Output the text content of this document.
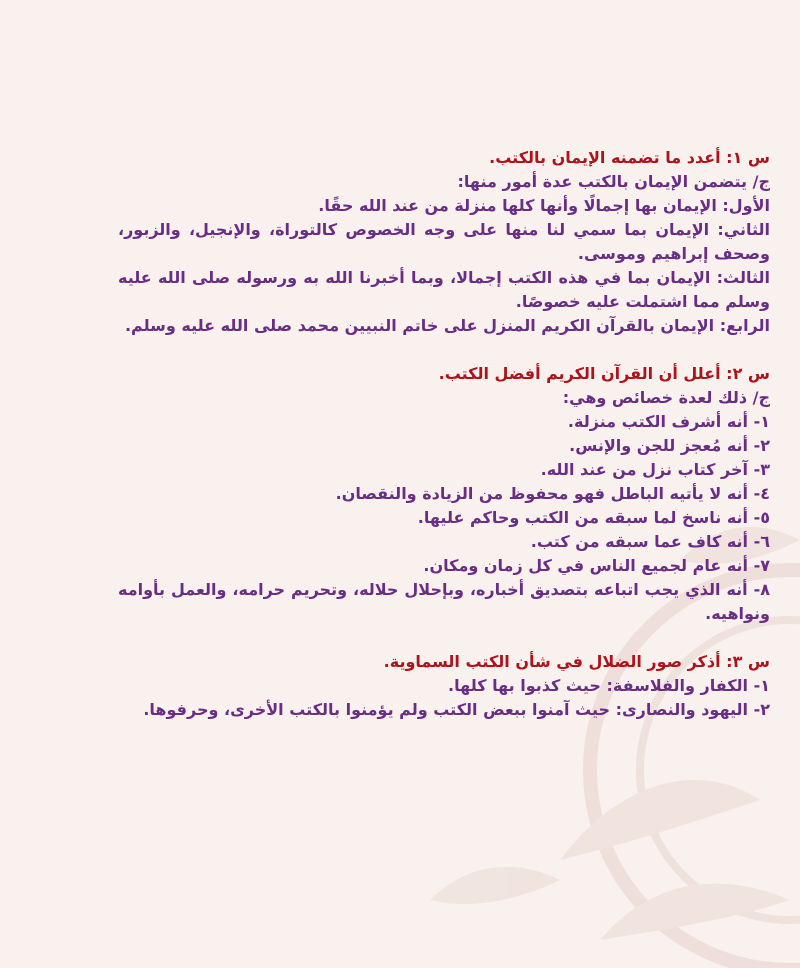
س ١: أعدد ما تضمنه الإيمان بالكتب.

ج/ يتضمن الإيمان بالكتب عدة أمور منها:

الأول: الإيمان بها إجمالًا وأنها كلها منزلة من عند الله حقًا.

الثاني: الإيمان بما سمي لنا منها على وجه الخصوص كالتوراة، والإنجيل، والزبور، وصحف إبراهيم وموسى.

الثالث: الإيمان بما في هذه الكتب إجمالا، وبما أخبرنا الله به ورسوله صلى الله عليه وسلم مما اشتملت عليه خصوصًا.

الرابع: الإيمان بالقرآن الكريم المنزل على خاتم النبيين محمد صلى الله عليه وسلم.

س ٢: أعلل أن القرآن الكريم أفضل الكتب.

ج/ ذلك لعدة خصائص وهي:

١- أنه أشرف الكتب منزلة.

٢- أنه مُعجز للجن والإنس.

٣- آخر كتاب نزل من عند الله.

٤- أنه لا يأتيه الباطل فهو محفوظ من الزيادة والنقصان.

٥- أنه ناسخ لما سبقه من الكتب وحاكم عليها.

٦- أنه كاف عما سبقه من كتب.

٧- أنه عام لجميع الناس في كل زمان ومكان.

٨- أنه الذي يجب اتباعه بتصديق أخباره، وبإحلال حلاله، وتحريم حرامه، والعمل بأوامه ونواهيه.

س ٣: أذكر صور الضلال في شأن الكتب السماوية.

١- الكفار والفلاسفة: حيث كذبوا بها كلها.

٢- اليهود والنصارى: حيث آمنوا ببعض الكتب ولم يؤمنوا بالكتب الأخرى، وحرفوها.
